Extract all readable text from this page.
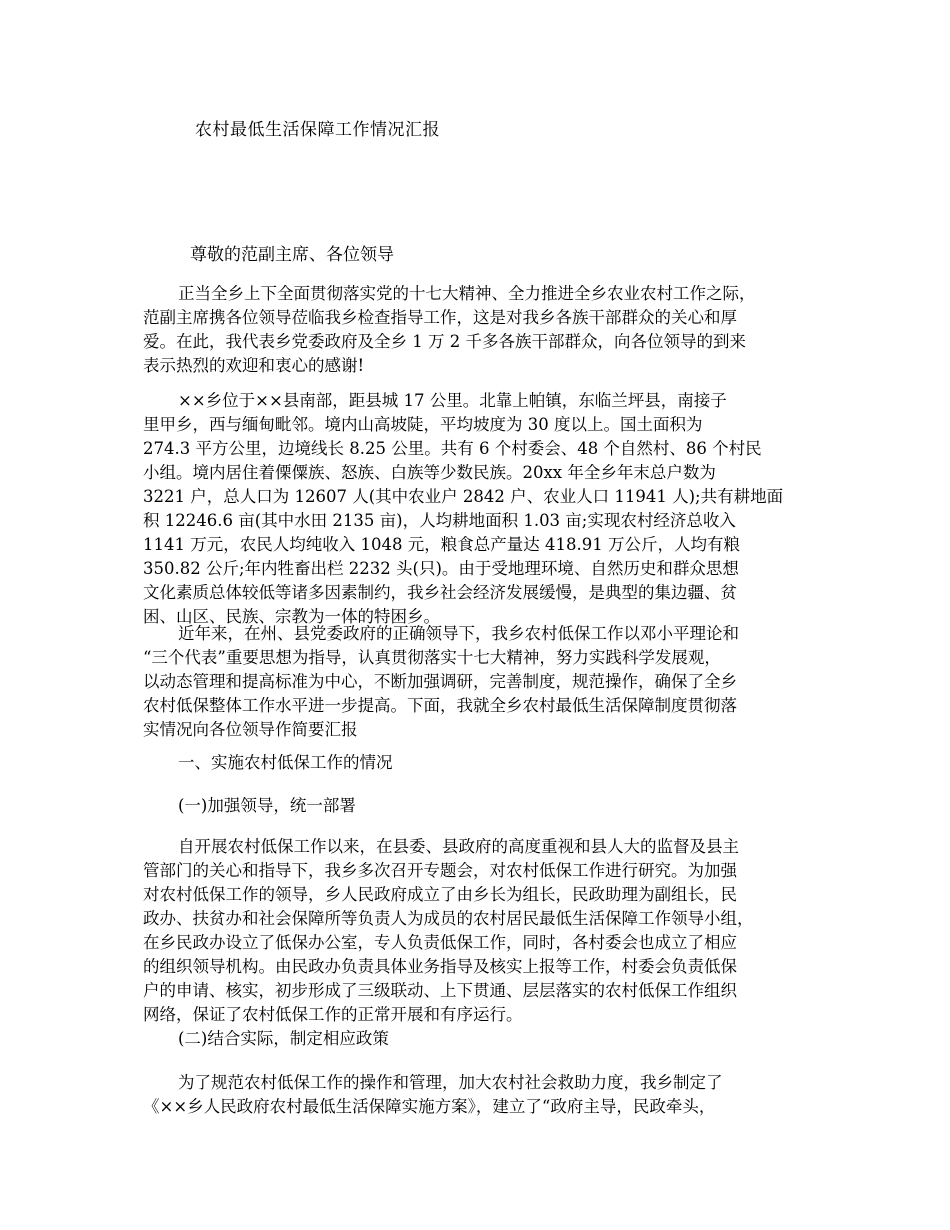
农村最低生活保障工作情况汇报
尊敬的范副主席、各位领导
正当全乡上下全面贯彻落实党的十七大精神、全力推进全乡农业农村工作之际，
范副主席携各位领导莅临我乡检查指导工作，这是对我乡各族干部群众的关心和厚
爱。在此，我代表乡党委政府及全乡 1 万 2 千多各族干部群众，向各位领导的到来
表示热烈的欢迎和衷心的感谢!
××乡位于××县南部，距县城 17 公里。北靠上帕镇，东临兰坪县，南接子
里甲乡，西与缅甸毗邻。境内山高坡陡，平均坡度为 30 度以上。国土面积为
274.3 平方公里，边境线长 8.25 公里。共有 6 个村委会、48 个自然村、86 个村民
小组。境内居住着傈僳族、怒族、白族等少数民族。20xx 年全乡年末总户数为
3221 户，总人口为 12607 人(其中农业户 2842 户、农业人口 11941 人);共有耕地面
积 12246.6 亩(其中水田 2135 亩)，人均耕地面积 1.03 亩;实现农村经济总收入
1141 万元，农民人均纯收入 1048 元，粮食总产量达 418.91 万公斤，人均有粮
350.82 公斤;年内牲畜出栏 2232 头(只)。由于受地理环境、自然历史和群众思想
文化素质总体较低等诸多因素制约，我乡社会经济发展缓慢，是典型的集边疆、贫
困、山区、民族、宗教为一体的特困乡。
近年来，在州、县党委政府的正确领导下，我乡农村低保工作以邓小平理论和
“三个代表”重要思想为指导，认真贯彻落实十七大精神，努力实践科学发展观，
以动态管理和提高标准为中心，不断加强调研，完善制度，规范操作，确保了全乡
农村低保整体工作水平进一步提高。下面，我就全乡农村最低生活保障制度贯彻落
实情况向各位领导作简要汇报
一、实施农村低保工作的情况
(一)加强领导，统一部署
自开展农村低保工作以来，在县委、县政府的高度重视和县人大的监督及县主
管部门的关心和指导下，我乡多次召开专题会，对农村低保工作进行研究。为加强
对农村低保工作的领导，乡人民政府成立了由乡长为组长，民政助理为副组长，民
政办、扶贫办和社会保障所等负责人为成员的农村居民最低生活保障工作领导小组，
在乡民政办设立了低保办公室，专人负责低保工作，同时，各村委会也成立了相应
的组织领导机构。由民政办负责具体业务指导及核实上报等工作，村委会负责低保
户的申请、核实，初步形成了三级联动、上下贯通、层层落实的农村低保工作组织
网络，保证了农村低保工作的正常开展和有序运行。
(二)结合实际，制定相应政策
为了规范农村低保工作的操作和管理，加大农村社会救助力度，我乡制定了
《××乡人民政府农村最低生活保障实施方案》，建立了“政府主导，民政牵头，
